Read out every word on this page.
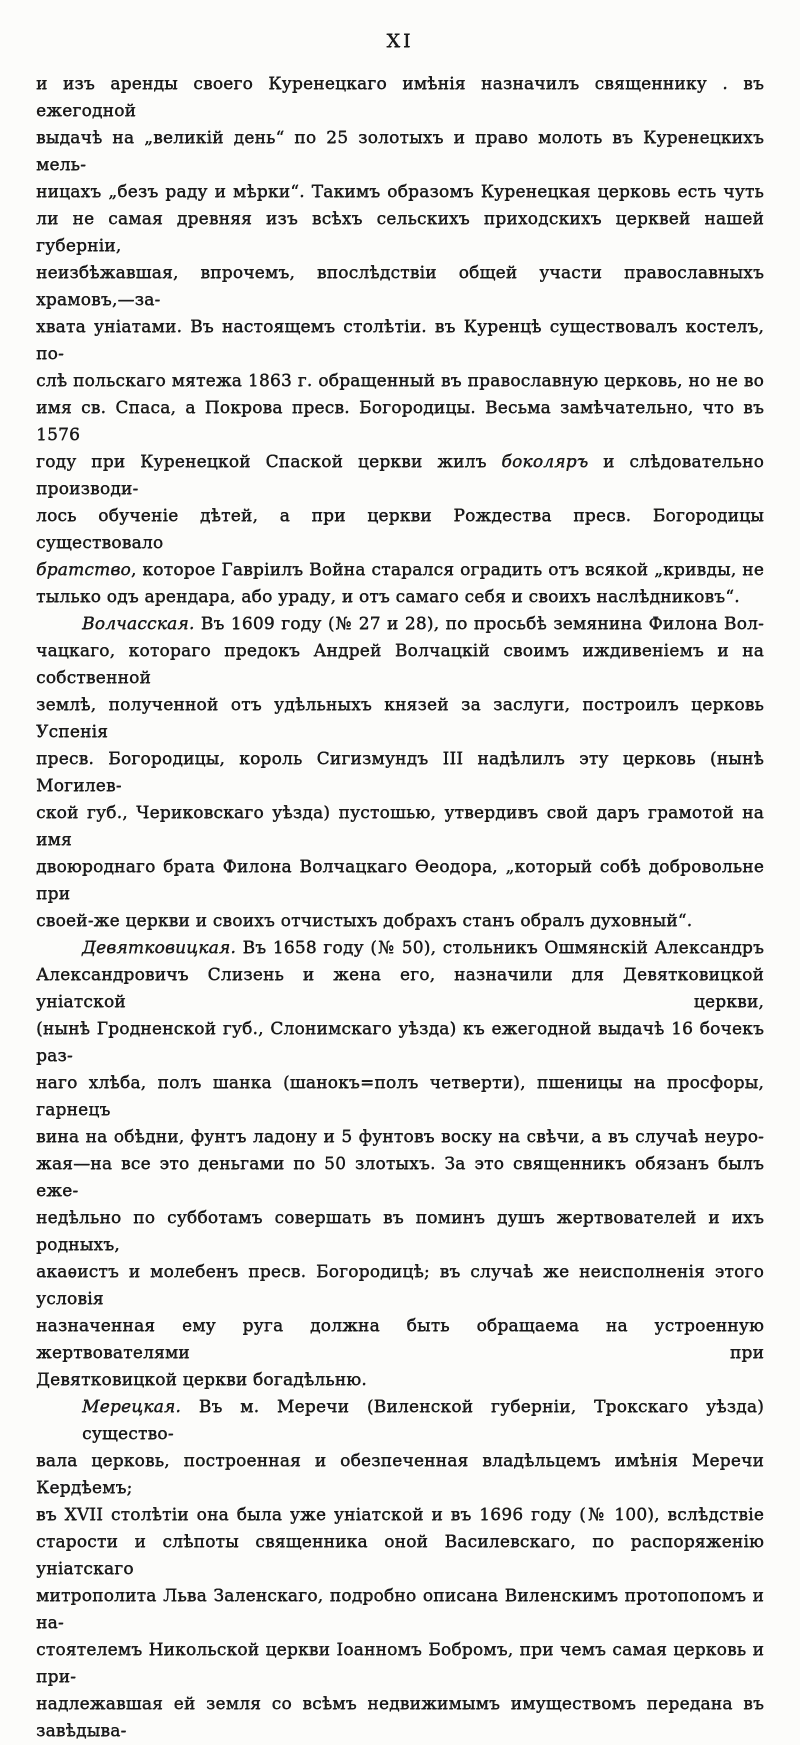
XI
и изъ аренды своего Куренецкаго имѣнія назначилъ священнику . въ ежегодной
выдачѣ на „великій день“ по 25 золотыхъ и право молоть въ Куренецкихъ мель-
ницахъ „безъ раду и мѣрки“. Такимъ образомъ Куренецкая церковь есть чуть
ли не самая древняя изъ всѣхъ сельскихъ приходскихъ церквей нашей губерніи,
неизбѣжавшая, впрочемъ, впослѣдствіи общей участи православныхъ храмовъ,—за-
хвата уніатами. Въ настоящемъ столѣтіи. въ Куренцѣ существовалъ костелъ, по-
слѣ польскаго мятежа 1863 г. обращенный въ православную церковь, но не во
имя св. Спаса, а Покрова пресв. Богородицы. Весьма замѣчательно, что въ 1576
году при Куренецкой Спаской церкви жилъ боколяръ и слѣдовательно производи-
лось обученіе дѣтей, а при церкви Рождества пресв. Богородицы существовало
братство, которое Гавріилъ Война старался оградить отъ всякой „кривды, не
тылько одъ арендара, або ураду, и отъ самаго себя и своихъ наслѣдниковъ“.
Волчасская. Въ 1609 году (№ 27 и 28), по просьбѣ земянина Филона Вол-
чацкаго, котораго предокъ Андрей Волчацкій своимъ иждивеніемъ и на собственной
землѣ, полученной отъ удѣльныхъ князей за заслуги, построилъ церковь Успенія
пресв. Богородицы, король Сигизмундъ III надѣлилъ эту церковь (нынѣ Могилев-
ской губ., Чериковскаго уѣзда) пустошью, утвердивъ свой даръ грамотой на имя
двоюроднаго брата Филона Волчацкаго Ѳеодора, „который собѣ добровольне при
своей-же церкви и своихъ отчистыхъ добрахъ станъ обралъ духовный“.
Девятковицкая. Въ 1658 году (№ 50), стольникъ Ошмянскій Александръ
Александровичъ Слизень и жена его, назначили для Девятковицкой уніатской церкви,
(нынѣ Гродненской губ., Слонимскаго уѣзда) къ ежегодной выдачѣ 16 бочекъ раз-
наго хлѣба, полъ шанка (шанокъ=полъ четверти), пшеницы на просфоры, гарнецъ
вина на обѣдни, фунтъ ладону и 5 фунтовъ воску на свѣчи, а въ случаѣ неуро-
жая—на все это деньгами по 50 злотыхъ. За это священникъ обязанъ былъ еже-
недѣльно по субботамъ совершать въ поминъ душъ жертвователей и ихъ родныхъ,
акаѳистъ и молебенъ пресв. Богородицѣ; въ случаѣ же неисполненія этого условія
назначенная ему руга должна быть обращаема на устроенную жертвователями при
Девятковицкой церкви богадѣльню.
Мерецкая. Въ м. Меречи (Виленской губерніи, Трокскаго уѣзда) существо-
вала церковь, построенная и обезпеченная владѣльцемъ имѣнія Меречи Кердѣемъ;
въ XVII столѣтіи она была уже уніатской и въ 1696 году (№ 100), вслѣдствіе
старости и слѣпоты священника оной Василевскаго, по распоряженію уніатскаго
митрополита Льва Заленскаго, подробно описана Виленскимъ протопопомъ и на-
стоятелемъ Никольской церкви Іоанномъ Бобромъ, при чемъ самая церковь и при-
надлежавшая ей земля со всѣмъ недвижимымъ имуществомъ передана въ завѣдыва-
